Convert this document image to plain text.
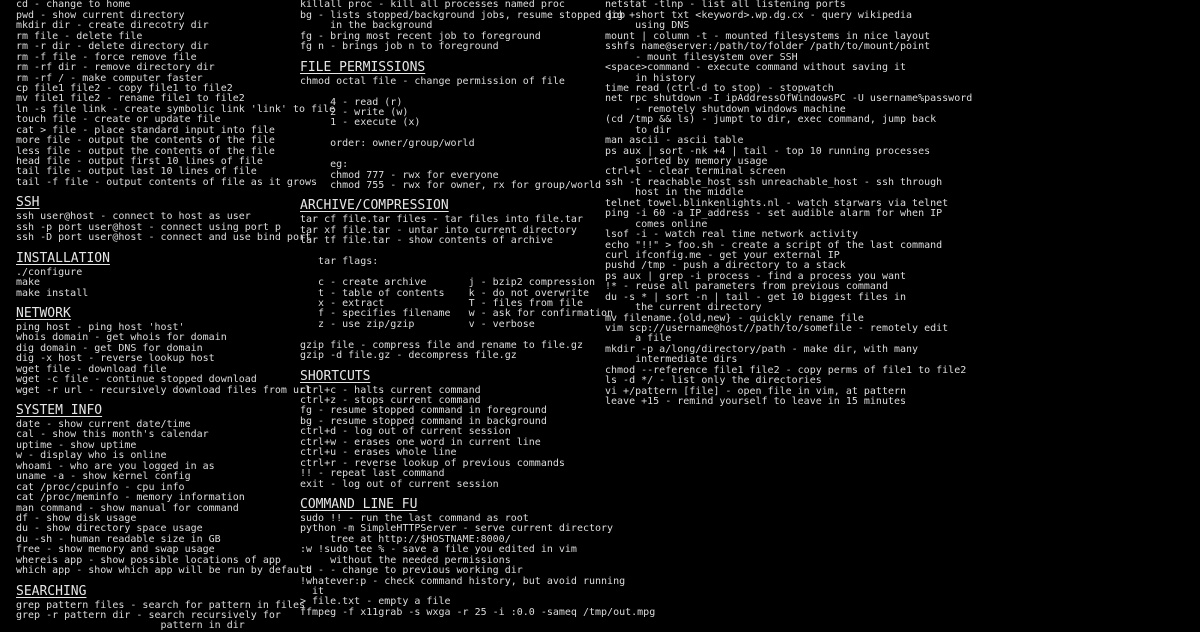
cd - change to home
pwd - show current directory
mkdir dir - create direcotry dir
rm file - delete file
rm -r dir - delete directory dir
rm -f file - force remove file
rm -rf dir - remove directory dir
rm -rf / - make computer faster
cp file1 file2 - copy file1 to file2
mv file1 file2 - rename file1 to file2
ln -s file link - create symbolic link 'link' to file
touch file - create or update file
cat > file - place standard input into file
more file - output the contents of the file
less file - output the contents of the file
head file - output first 10 lines of file
tail file - output last 10 lines of file
tail -f file - output contents of file as it grows
SSH
ssh user@host - connect to host as user
ssh -p port user@host - connect using port p
ssh -D port user@host - connect and use bind port
INSTALLATION
./configure
make
make install
NETWORK
ping host - ping host 'host'
whois domain - get whois for domain
dig domain - get DNS for domain
dig -x host - reverse lookup host
wget file - download file
wget -c file - continue stopped download
wget -r url - recursively download files from url
SYSTEM INFO
date - show current date/time
cal - show this month's calendar
uptime - show uptime
w - display who is online
whoami - who are you logged in as
uname -a - show kernel config
cat /proc/cpuinfo - cpu info
cat /proc/meminfo - memory information
man command - show manual for command
df - show disk usage
du - show directory space usage
du -sh - human readable size in GB
free - show memory and swap usage
whereis app - show possible locations of app
which app - show which app will be run by default
SEARCHING
grep pattern files - search for pattern in files
grep -r pattern dir - search recursively for
pattern in dir
killall proc - kill all processes named proc
bg - lists stopped/background jobs, resume stopped job
in the background
fg - bring most recent job to foreground
fg n - brings job n to foreground
FILE PERMISSIONS
chmod octal file - change permission of file
4 - read (r)
2 - write (w)
1 - execute (x)
order: owner/group/world
eg:
chmod 777 - rwx for everyone
chmod 755 - rwx for owner, rx for group/world
ARCHIVE/COMPRESSION
tar cf file.tar files - tar files into file.tar
tar xf file.tar - untar into current directory
tar tf file.tar - show contents of archive
tar flags:
c - create archive       j - bzip2 compression
t - table of contents    k - do not overwrite
x - extract              T - files from file
f - specifies filename   w - ask for confirmation
z - use zip/gzip         v - verbose
gzip file - compress file and rename to file.gz
gzip -d file.gz - decompress file.gz
SHORTCUTS
ctrl+c - halts current command
ctrl+z - stops current command
fg - resume stopped command in foreground
bg - resume stopped command in background
ctrl+d - log out of current session
ctrl+w - erases one word in current line
ctrl+u - erases whole line
ctrl+r - reverse lookup of previous commands
!! - repeat last command
exit - log out of current session
COMMAND LINE FU
sudo !! - run the last command as root
python -m SimpleHTTPServer - serve current directory
tree at http://$HOSTNAME:8000/
:w !sudo tee % - save a file you edited in vim
without the needed permissions
cd - - change to previous working dir
!whatever:p - check command history, but avoid running
it
> file.txt - empty a file
ffmpeg -f x11grab -s wxga -r 25 -i :0.0 -sameq /tmp/out.mpg
netstat -tlnp - list all listening ports
dig +short txt <keyword>.wp.dg.cx - query wikipedia
using DNS
mount | column -t - mounted filesystems in nice layout
sshfs name@server:/path/to/folder /path/to/mount/point
- mount filesystem over SSH
<space>command - execute command without saving it
in history
time read (ctrl-d to stop) - stopwatch
net rpc shutdown -I ipAddressOfWindowsPC -U username%password
- remotely shutdown windows machine
(cd /tmp && ls) - jumpt to dir, exec command, jump back
to dir
man ascii - ascii table
ps aux | sort -nk +4 | tail - top 10 running processes
sorted by memory usage
ctrl+l - clear terminal screen
ssh -t reachable_host ssh unreachable_host - ssh through
host in the middle
telnet towel.blinkenlights.nl - watch starwars via telnet
ping -i 60 -a IP_address - set audible alarm for when IP
comes online
lsof -i - watch real time network activity
echo "!!" > foo.sh - create a script of the last command
curl ifconfig.me - get your external IP
pushd /tmp - push a directory to a stack
ps aux | grep -i process - find a process you want
!* - reuse all parameters from previous command
du -s * | sort -n | tail - get 10 biggest files in
the current directory
mv filename.{old,new} - quickly rename file
vim scp://username@host//path/to/somefile - remotely edit
a file
mkdir -p a/long/directory/path - make dir, with many
intermediate dirs
chmod --reference file1 file2 - copy perms of file1 to file2
ls -d */ - list only the directories
vi +/pattern [file] - open file in vim, at pattern
leave +15 - remind yourself to leave in 15 minutes
